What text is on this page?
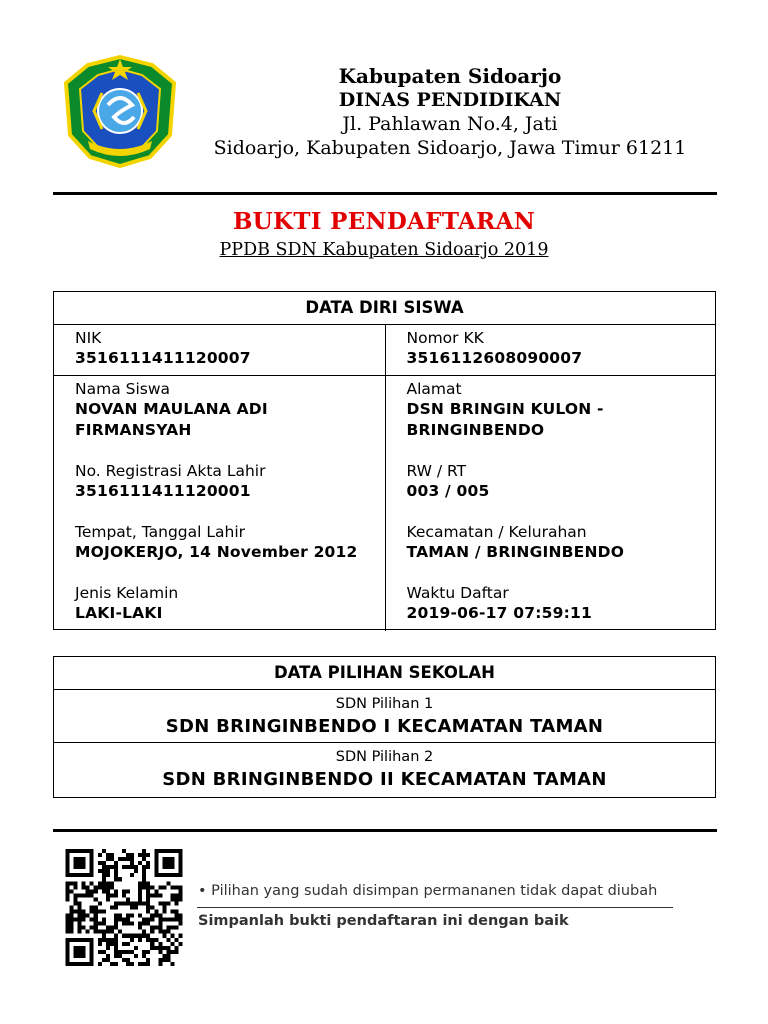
Kabupaten Sidoarjo
DINAS PENDIDIKAN
Jl. Pahlawan No.4, Jati
Sidoarjo, Kabupaten Sidoarjo, Jawa Timur 61211
BUKTI PENDAFTARAN
PPDB SDN Kabupaten Sidoarjo 2019
DATA DIRI SISWA
NIK
3516111411120007
Nomor KK
3516112608090007
Nama Siswa
NOVAN MAULANA ADI
FIRMANSYAH
No. Registrasi Akta Lahir
3516111411120001
Tempat, Tanggal Lahir
MOJOKERJO, 14 November 2012
Jenis Kelamin
LAKI-LAKI
Alamat
DSN BRINGIN KULON -
BRINGINBENDO
RW / RT
003 / 005
Kecamatan / Kelurahan
TAMAN / BRINGINBENDO
Waktu Daftar
2019-06-17 07:59:11
DATA PILIHAN SEKOLAH
SDN Pilihan 1
SDN BRINGINBENDO I KECAMATAN TAMAN
SDN Pilihan 2
SDN BRINGINBENDO II KECAMATAN TAMAN
• Pilihan yang sudah disimpan permananen tidak dapat diubah
Simpanlah bukti pendaftaran ini dengan baik
